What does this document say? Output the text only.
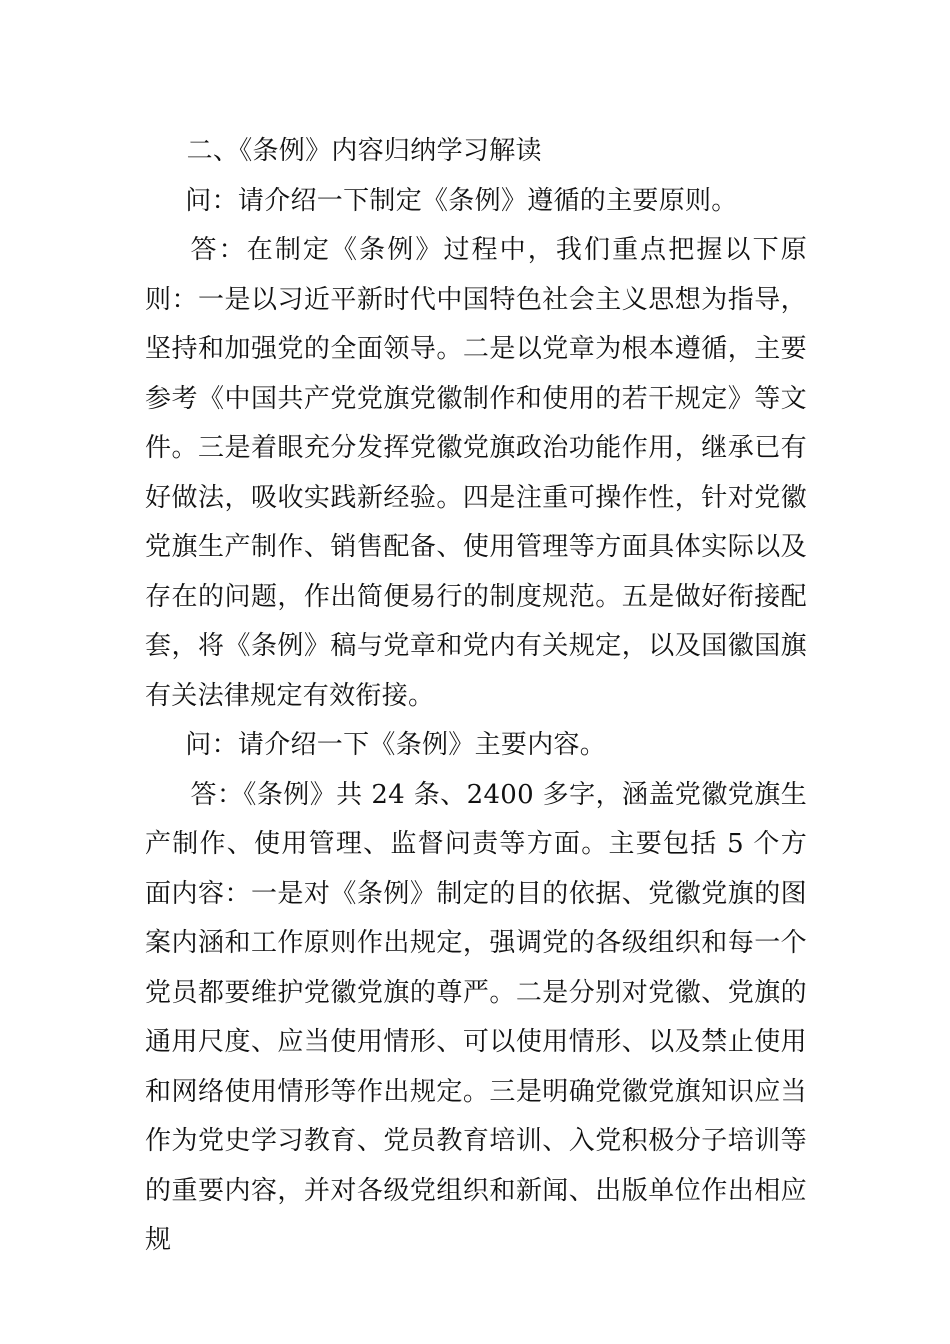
二、《条例》内容归纳学习解读

问：请介绍一下制定《条例》遵循的主要原则。

答：在制定《条例》过程中，我们重点把握以下原则：一是以习近平新时代中国特色社会主义思想为指导，坚持和加强党的全面领导。二是以党章为根本遵循，主要参考《中国共产党党旗党徽制作和使用的若干规定》等文件。三是着眼充分发挥党徽党旗政治功能作用，继承已有好做法，吸收实践新经验。四是注重可操作性，针对党徽党旗生产制作、销售配备、使用管理等方面具体实际以及存在的问题，作出简便易行的制度规范。五是做好衔接配套，将《条例》稿与党章和党内有关规定，以及国徽国旗有关法律规定有效衔接。

问：请介绍一下《条例》主要内容。

答：《条例》共 24 条、2400 多字，涵盖党徽党旗生产制作、使用管理、监督问责等方面。主要包括 5 个方面内容：一是对《条例》制定的目的依据、党徽党旗的图案内涵和工作原则作出规定，强调党的各级组织和每一个党员都要维护党徽党旗的尊严。二是分别对党徽、党旗的通用尺度、应当使用情形、可以使用情形、以及禁止使用和网络使用情形等作出规定。三是明确党徽党旗知识应当作为党史学习教育、党员教育培训、入党积极分子培训等的重要内容，并对各级党组织和新闻、出版单位作出相应规
